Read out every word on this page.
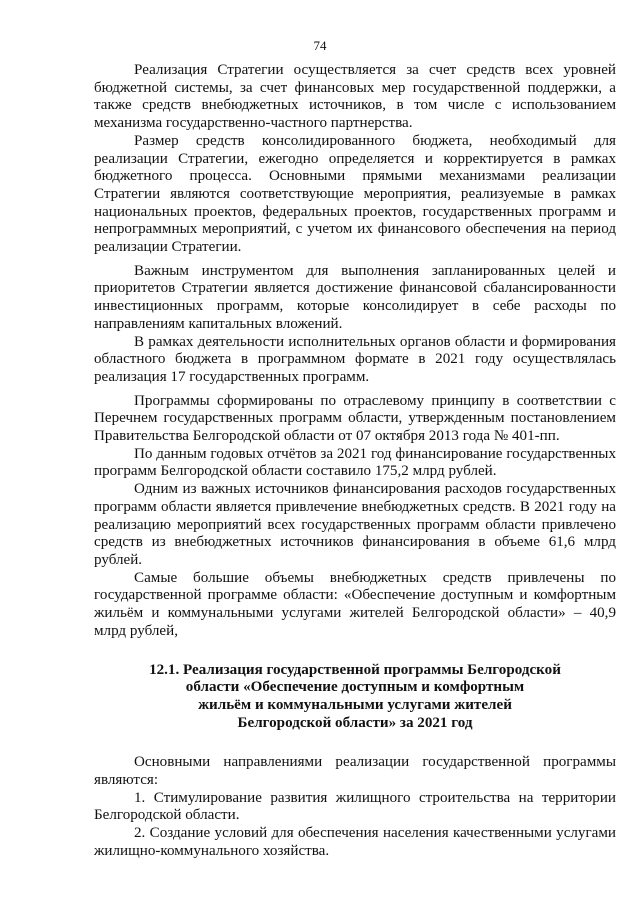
74

Реализация Стратегии осуществляется за счет средств всех уровней бюджетной системы, за счет финансовых мер государственной поддержки, а также средств внебюджетных источников, в том числе с использованием механизма государственно-частного партнерства.

Размер средств консолидированного бюджета, необходимый для реализации Стратегии, ежегодно определяется и корректируется в рамках бюджетного процесса. Основными прямыми механизмами реализации Стратегии являются соответствующие мероприятия, реализуемые в рамках национальных проектов, федеральных проектов, государственных программ и непрограммных мероприятий, с учетом их финансового обеспечения на период реализации Стратегии.

Важным инструментом для выполнения запланированных целей и приоритетов Стратегии является достижение финансовой сбалансированности инвестиционных программ, которые консолидирует в себе расходы по направлениям капитальных вложений.

В рамках деятельности исполнительных органов области и формирования областного бюджета в программном формате в 2021 году осуществлялась реализация 17 государственных программ.

Программы сформированы по отраслевому принципу в соответствии с Перечнем государственных программ области, утвержденным постановлением Правительства Белгородской области от 07 октября 2013 года № 401-пп.

По данным годовых отчётов за 2021 год финансирование государственных программ Белгородской области составило 175,2 млрд рублей.

Одним из важных источников финансирования расходов государственных программ области является привлечение внебюджетных средств. В 2021 году на реализацию мероприятий всех государственных программ области привлечено средств из внебюджетных источников финансирования в объеме 61,6 млрд рублей.

Самые большие объемы внебюджетных средств привлечены по государственной программе области: «Обеспечение доступным и комфортным жильём и коммунальными услугами жителей Белгородской области» – 40,9 млрд рублей,

12.1. Реализация государственной программы Белгородской
области «Обеспечение доступным и комфортным
жильём и коммунальными услугами жителей
Белгородской области» за 2021 год

Основными направлениями реализации государственной программы являются:

1. Стимулирование развития жилищного строительства на территории Белгородской области.

2. Создание условий для обеспечения населения качественными услугами жилищно-коммунального хозяйства.
